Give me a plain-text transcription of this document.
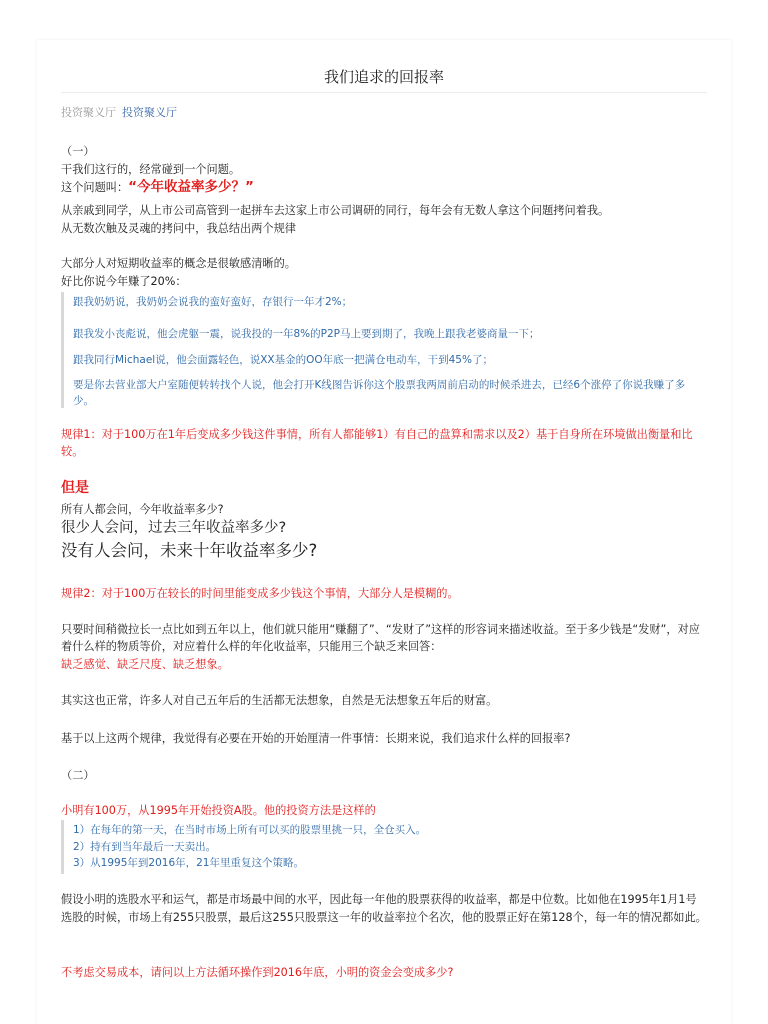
我们追求的回报率
投资聚义厅 投资聚义厅
（一）
干我们这行的，经常碰到一个问题。
这个问题叫：“今年收益率多少？”
从亲戚到同学，从上市公司高管到一起拼车去这家上市公司调研的同行，每年会有无数人拿这个问题拷问着我。
从无数次触及灵魂的拷问中，我总结出两个规律
大部分人对短期收益率的概念是很敏感清晰的。
好比你说今年赚了20%：
跟我奶奶说，我奶奶会说我的蛮好蛮好，存银行一年才2%；
跟我发小丧彪说，他会虎躯一震，说我投的一年8%的P2P马上要到期了，我晚上跟我老婆商量一下；
跟我同行Michael说，他会面露轻色，说XX基金的OO年底一把满仓电动车，干到45%了；
要是你去营业部大户室随便转转找个人说，他会打开K线图告诉你这个股票我两周前启动的时候杀进去，已经6个涨停了你说我赚了多少。
规律1：对于100万在1年后变成多少钱这件事情，所有人都能够1）有自己的盘算和需求以及2）基于自身所在环境做出衡量和比较。
但是
所有人都会问，今年收益率多少?
很少人会问，过去三年收益率多少?
没有人会问，未来十年收益率多少?
规律2：对于100万在较长的时间里能变成多少钱这个事情，大部分人是模糊的。
只要时间稍微拉长一点比如到五年以上，他们就只能用“赚翻了”、“发财了”这样的形容词来描述收益。至于多少钱是“发财”，对应着什么样的物质等价，对应着什么样的年化收益率，只能用三个缺乏来回答：
缺乏感觉、缺乏尺度、缺乏想象。
其实这也正常，许多人对自己五年后的生活都无法想象，自然是无法想象五年后的财富。
基于以上这两个规律，我觉得有必要在开始的开始厘清一件事情：长期来说，我们追求什么样的回报率?
（二）
小明有100万，从1995年开始投资A股。他的投资方法是这样的
1）在每年的第一天，在当时市场上所有可以买的股票里挑一只，全仓买入。
2）持有到当年最后一天卖出。
3）从1995年到2016年，21年里重复这个策略。
假设小明的选股水平和运气，都是市场最中间的水平，因此每一年他的股票获得的收益率，都是中位数。比如他在1995年1月1号选股的时候，市场上有255只股票，最后这255只股票这一年的收益率拉个名次，他的股票正好在第128个，每一年的情况都如此。
不考虑交易成本，请问以上方法循环操作到2016年底，小明的资金会变成多少?
